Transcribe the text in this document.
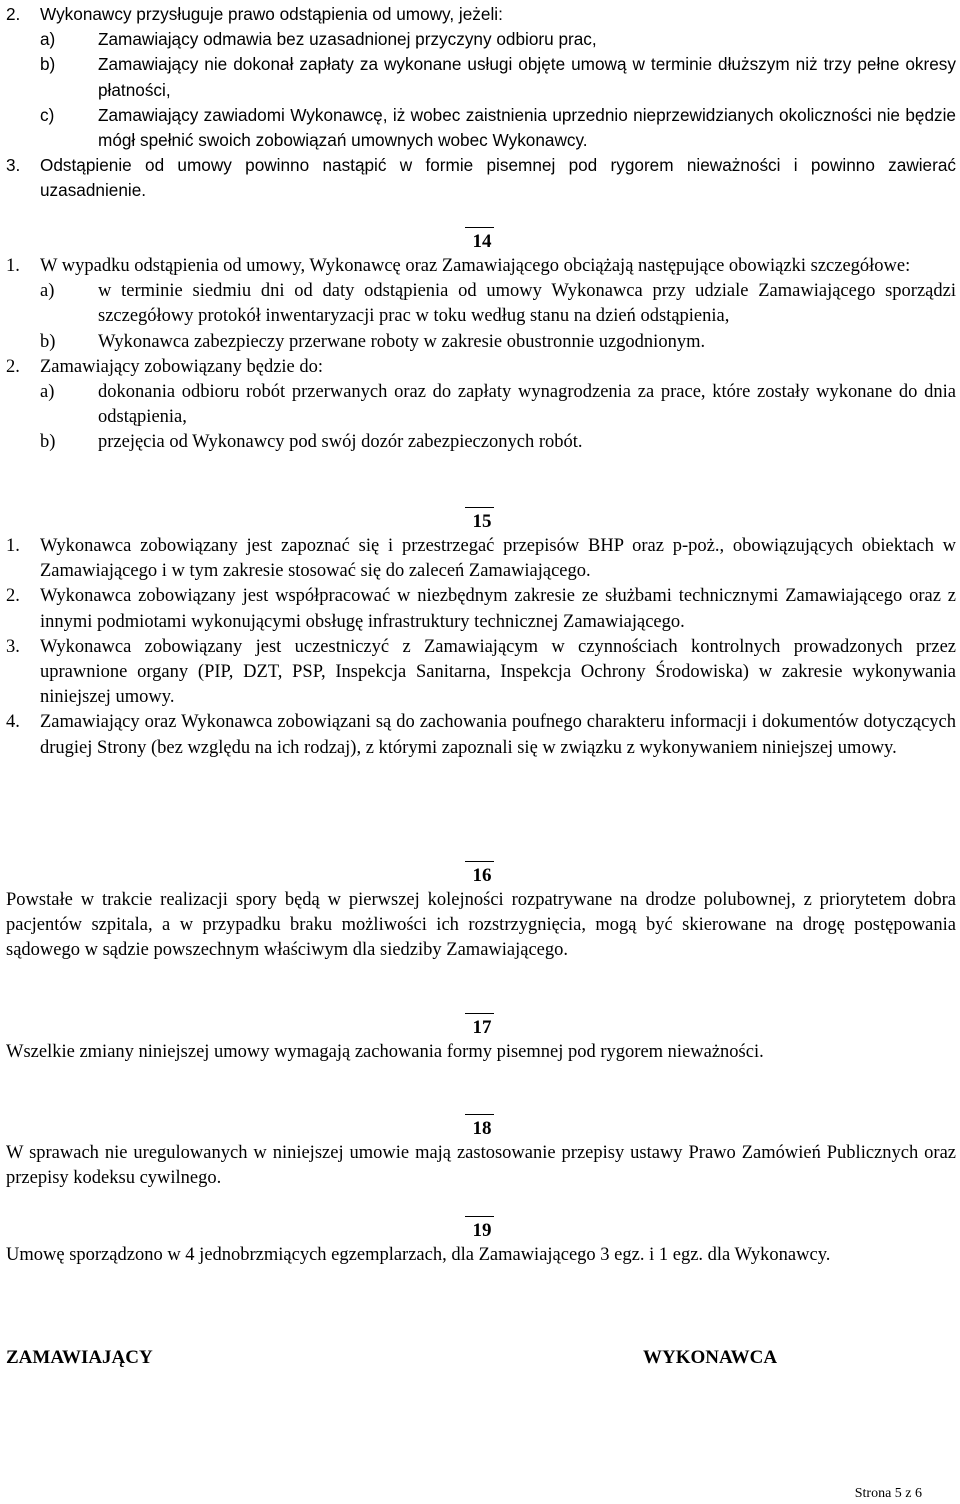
2.	Wykonawcy przysługuje prawo odstąpienia od umowy, jeżeli:
a)	Zamawiający odmawia bez uzasadnionej przyczyny odbioru prac,
b)	Zamawiający nie dokonał zapłaty za wykonane usługi objęte umową w terminie dłuższym niż trzy pełne okresy płatności,
c)	Zamawiający zawiadomi Wykonawcę, iż wobec zaistnienia uprzednio nieprzewidzianych okoliczności nie będzie mógł spełnić swoich zobowiązań umownych wobec Wykonawcy.
3.	Odstąpienie od umowy powinno nastąpić w formie pisemnej pod rygorem nieważności i powinno zawierać uzasadnienie.
14
1.	W wypadku odstąpienia od umowy, Wykonawcę oraz Zamawiającego obciążają następujące obowiązki szczegółowe:
a)	w terminie siedmiu dni od daty odstąpienia od umowy Wykonawca przy udziale Zamawiającego sporządzi szczegółowy protokół inwentaryzacji prac w toku według stanu na dzień odstąpienia,
b)	Wykonawca zabezpieczy przerwane roboty w zakresie obustronnie uzgodnionym.
2.	Zamawiający zobowiązany będzie do:
a)	dokonania odbioru robót przerwanych oraz do zapłaty wynagrodzenia za prace, które zostały wykonane do dnia odstąpienia,
b)	przejęcia od Wykonawcy pod swój dozór zabezpieczonych robót.
15
1.	Wykonawca zobowiązany jest zapoznać się i przestrzegać przepisów BHP oraz p-poż., obowiązujących obiektach w Zamawiającego i w tym zakresie stosować się do zaleceń Zamawiającego.
2.	Wykonawca zobowiązany jest współpracować w niezbędnym zakresie ze służbami technicznymi Zamawiającego oraz z innymi podmiotami wykonującymi obsługę infrastruktury technicznej Zamawiającego.
3.	Wykonawca zobowiązany jest uczestniczyć z Zamawiającym w czynnościach kontrolnych prowadzonych przez uprawnione organy (PIP, DZT, PSP, Inspekcja Sanitarna, Inspekcja Ochrony Środowiska) w zakresie wykonywania niniejszej umowy.
4.	Zamawiający oraz Wykonawca zobowiązani są do zachowania poufnego charakteru informacji i dokumentów dotyczących drugiej Strony (bez względu na ich rodzaj), z którymi zapoznali się w związku z wykonywaniem niniejszej umowy.
16
Powstałe w trakcie realizacji spory będą w pierwszej kolejności rozpatrywane na drodze polubownej, z priorytetem dobra pacjentów szpitala, a w przypadku braku możliwości ich rozstrzygnięcia, mogą być skierowane na drogę postępowania sądowego w sądzie powszechnym właściwym dla siedziby Zamawiającego.
17
Wszelkie zmiany niniejszej umowy wymagają zachowania formy pisemnej pod rygorem nieważności.
18
W sprawach nie uregulowanych w niniejszej umowie mają zastosowanie przepisy ustawy Prawo Zamówień Publicznych oraz przepisy kodeksu cywilnego.
19
Umowę sporządzono w 4 jednobrzmiących egzemplarzach, dla Zamawiającego 3 egz. i 1 egz. dla Wykonawcy.
ZAMAWIAJĄCY	WYKONAWCA
Strona 5 z 6
